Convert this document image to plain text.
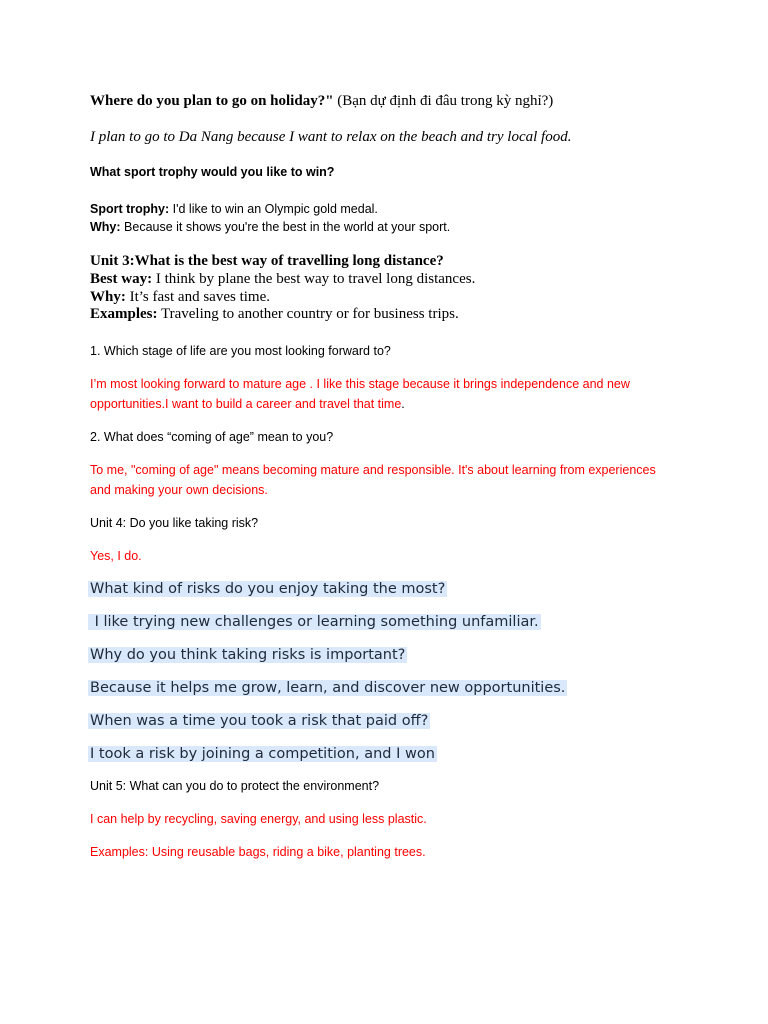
Where do you plan to go on holiday?" (Bạn dự định đi đâu trong kỳ nghỉ?)
I plan to go to Da Nang because I want to relax on the beach and try local food.
What sport trophy would you like to win?
Sport trophy: I'd like to win an Olympic gold medal.
Why: Because it shows you're the best in the world at your sport.
Unit 3:What is the best way of travelling long distance?
Best way: I think by plane the best way to travel long distances.
Why: It’s fast and saves time.
Examples: Traveling to another country or for business trips.
1. Which stage of life are you most looking forward to?
I’m most looking forward to mature age . I like this stage because it brings independence and new
opportunities.I want to build a career and travel that time.
2. What does “coming of age” mean to you?
To me, "coming of age" means becoming mature and responsible. It's about learning from experiences
and making your own decisions.
Unit 4: Do you like taking risk?
Yes, I do.
What kind of risks do you enjoy taking the most?
I like trying new challenges or learning something unfamiliar.
Why do you think taking risks is important?
Because it helps me grow, learn, and discover new opportunities.
When was a time you took a risk that paid off?
I took a risk by joining a competition, and I won
Unit 5: What can you do to protect the environment?
I can help by recycling, saving energy, and using less plastic.
Examples: Using reusable bags, riding a bike, planting trees.
